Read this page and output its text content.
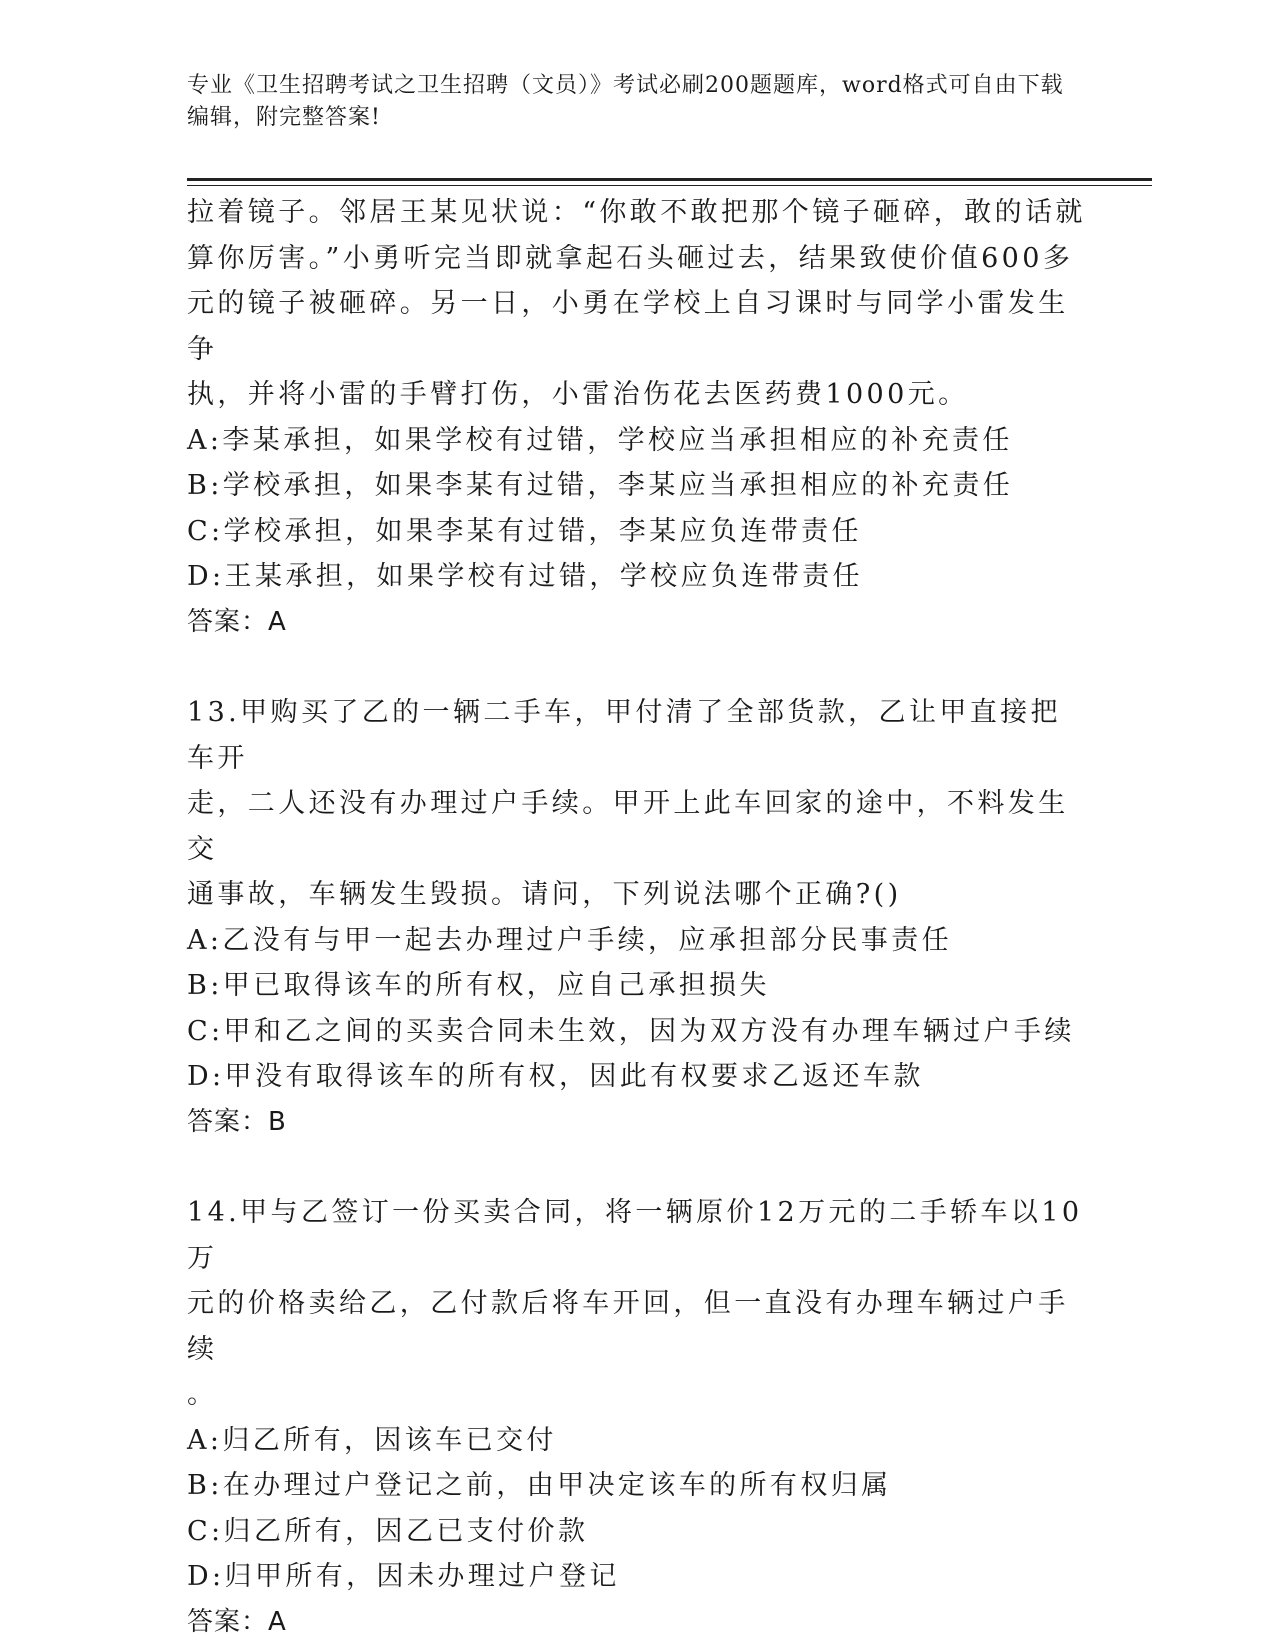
专业《卫生招聘考试之卫生招聘（文员）》考试必刷200题题库，word格式可自由下载编辑，附完整答案!

拉着镜子。邻居王某见状说：“你敢不敢把那个镜子砸碎，敢的话就

算你厉害。”小勇听完当即就拿起石头砸过去，结果致使价值600多

元的镜子被砸碎。另一日，小勇在学校上自习课时与同学小雷发生争

执，并将小雷的手臂打伤，小雷治伤花去医药费1000元。

A:李某承担，如果学校有过错，学校应当承担相应的补充责任

B:学校承担，如果李某有过错，李某应当承担相应的补充责任

C:学校承担，如果李某有过错，李某应负连带责任

D:王某承担，如果学校有过错，学校应负连带责任

答案：A

13.甲购买了乙的一辆二手车，甲付清了全部货款，乙让甲直接把车开

走，二人还没有办理过户手续。甲开上此车回家的途中，不料发生交

通事故，车辆发生毁损。请问，下列说法哪个正确?()

A:乙没有与甲一起去办理过户手续，应承担部分民事责任

B:甲已取得该车的所有权，应自己承担损失

C:甲和乙之间的买卖合同未生效，因为双方没有办理车辆过户手续

D:甲没有取得该车的所有权，因此有权要求乙返还车款

答案：B

14.甲与乙签订一份买卖合同，将一辆原价12万元的二手轿车以10万

元的价格卖给乙，乙付款后将车开回，但一直没有办理车辆过户手续

。

A:归乙所有，因该车已交付

B:在办理过户登记之前，由甲决定该车的所有权归属

C:归乙所有，因乙已支付价款

D:归甲所有，因未办理过户登记

答案：A
